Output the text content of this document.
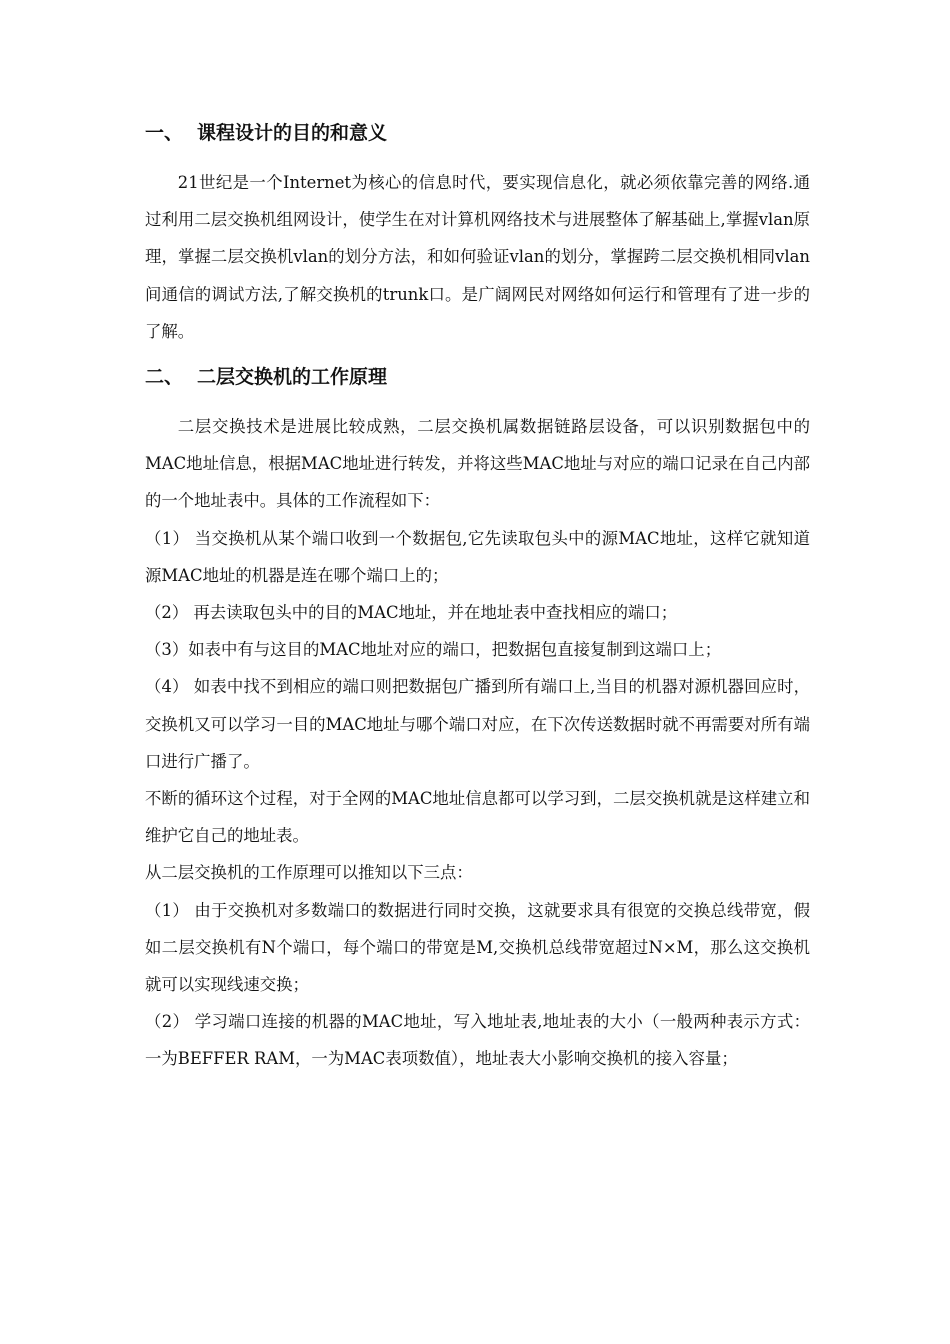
一、 课程设计的目的和意义

21世纪是一个Internet为核心的信息时代，要实现信息化，就必须依靠完善的网络.通过利用二层交换机组网设计，使学生在对计算机网络技术与进展整体了解基础上,掌握vlan原理，掌握二层交换机vlan的划分方法，和如何验证vlan的划分，掌握跨二层交换机相同vlan间通信的调试方法,了解交换机的trunk口。是广阔网民对网络如何运行和管理有了进一步的了解。

二、 二层交换机的工作原理

二层交换技术是进展比较成熟，二层交换机属数据链路层设备，可以识别数据包中的MAC地址信息，根据MAC地址进行转发，并将这些MAC地址与对应的端口记录在自己内部的一个地址表中。具体的工作流程如下：

（1） 当交换机从某个端口收到一个数据包,它先读取包头中的源MAC地址，这样它就知道源MAC地址的机器是连在哪个端口上的；

（2） 再去读取包头中的目的MAC地址，并在地址表中查找相应的端口；

（3）如表中有与这目的MAC地址对应的端口，把数据包直接复制到这端口上；

（4） 如表中找不到相应的端口则把数据包广播到所有端口上,当目的机器对源机器回应时，交换机又可以学习一目的MAC地址与哪个端口对应，在下次传送数据时就不再需要对所有端口进行广播了。

不断的循环这个过程，对于全网的MAC地址信息都可以学习到，二层交换机就是这样建立和维护它自己的地址表。

从二层交换机的工作原理可以推知以下三点：

（1） 由于交换机对多数端口的数据进行同时交换，这就要求具有很宽的交换总线带宽，假如二层交换机有N个端口，每个端口的带宽是M,交换机总线带宽超过N×M，那么这交换机就可以实现线速交换；

（2） 学习端口连接的机器的MAC地址，写入地址表,地址表的大小（一般两种表示方式：一为BEFFER RAM，一为MAC表项数值），地址表大小影响交换机的接入容量；
